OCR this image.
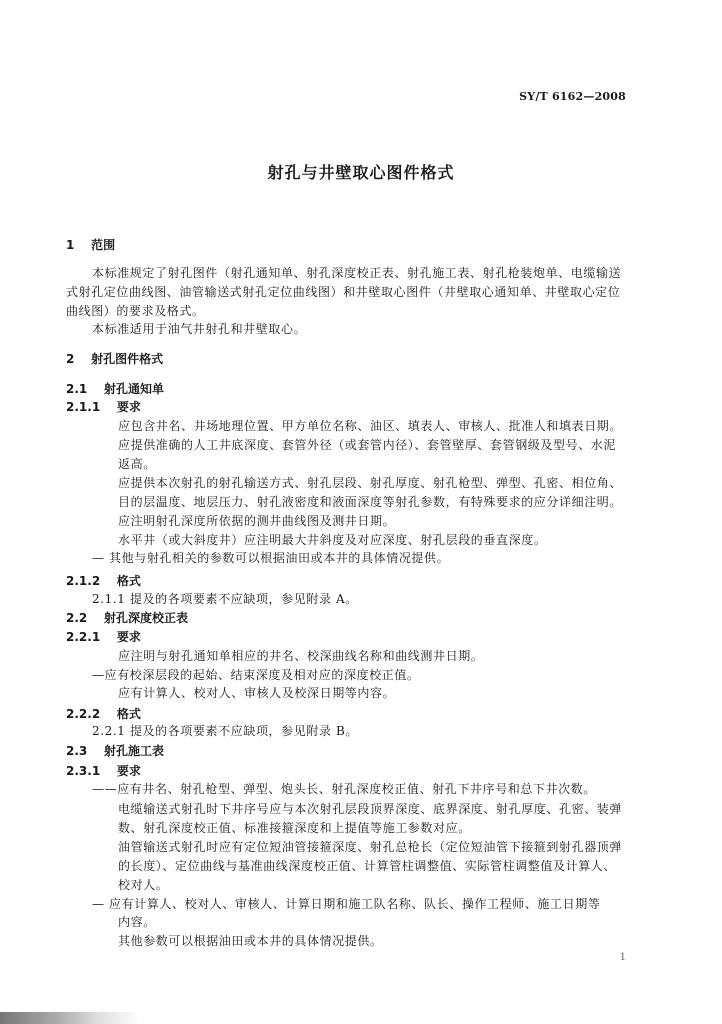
SY/T 6162—2008
射孔与井壁取心图件格式
1 范围
本标准规定了射孔图件（射孔通知单、射孔深度校正表、射孔施工表、射孔枪装炮单、电缆输送
式射孔定位曲线图、油管输送式射孔定位曲线图）和井壁取心图件（井壁取心通知单、井壁取心定位
曲线图）的要求及格式。
本标准适用于油气井射孔和井壁取心。
2 射孔图件格式
2.1 射孔通知单
2.1.1 要求
应包含井名、井场地理位置、甲方单位名称、油区、填表人、审核人、批准人和填表日期。
应提供准确的人工井底深度、套管外径（或套管内径）、套管壁厚、套管钢级及型号、水泥
返高。
应提供本次射孔的射孔输送方式、射孔层段、射孔厚度、射孔枪型、弹型、孔密、相位角、
目的层温度、地层压力、射孔液密度和液面深度等射孔参数，有特殊要求的应分详细注明。
应注明射孔深度所依据的测井曲线图及测井日期。
水平井（或大斜度井）应注明最大井斜度及对应深度、射孔层段的垂直深度。
— 其他与射孔相关的参数可以根据油田或本井的具体情况提供。
2.1.2 格式
2.1.1 提及的各项要素不应缺项，参见附录 A。
2.2 射孔深度校正表
2.2.1 要求
应注明与射孔通知单相应的井名、校深曲线名称和曲线测井日期。
—应有校深层段的起始、结束深度及相对应的深度校正值。
应有计算人、校对人、审核人及校深日期等内容。
2.2.2 格式
2.2.1 提及的各项要素不应缺项，参见附录 B。
2.3 射孔施工表
2.3.1 要求
——应有井名、射孔枪型、弹型、炮头长、射孔深度校正值、射孔下井序号和总下井次数。
电缆输送式射孔时下井序号应与本次射孔层段顶界深度、底界深度、射孔厚度、孔密、装弹
数、射孔深度校正值、标准接箍深度和上提值等施工参数对应。
油管输送式射孔时应有定位短油管接箍深度、射孔总枪长（定位短油管下接箍到射孔器顶弹
的长度）、定位曲线与基准曲线深度校正值、计算管柱调整值、实际管柱调整值及计算人、
校对人。
— 应有计算人、校对人、审核人、计算日期和施工队名称、队长、操作工程师、施工日期等
内容。
其他参数可以根据油田或本井的具体情况提供。
1
